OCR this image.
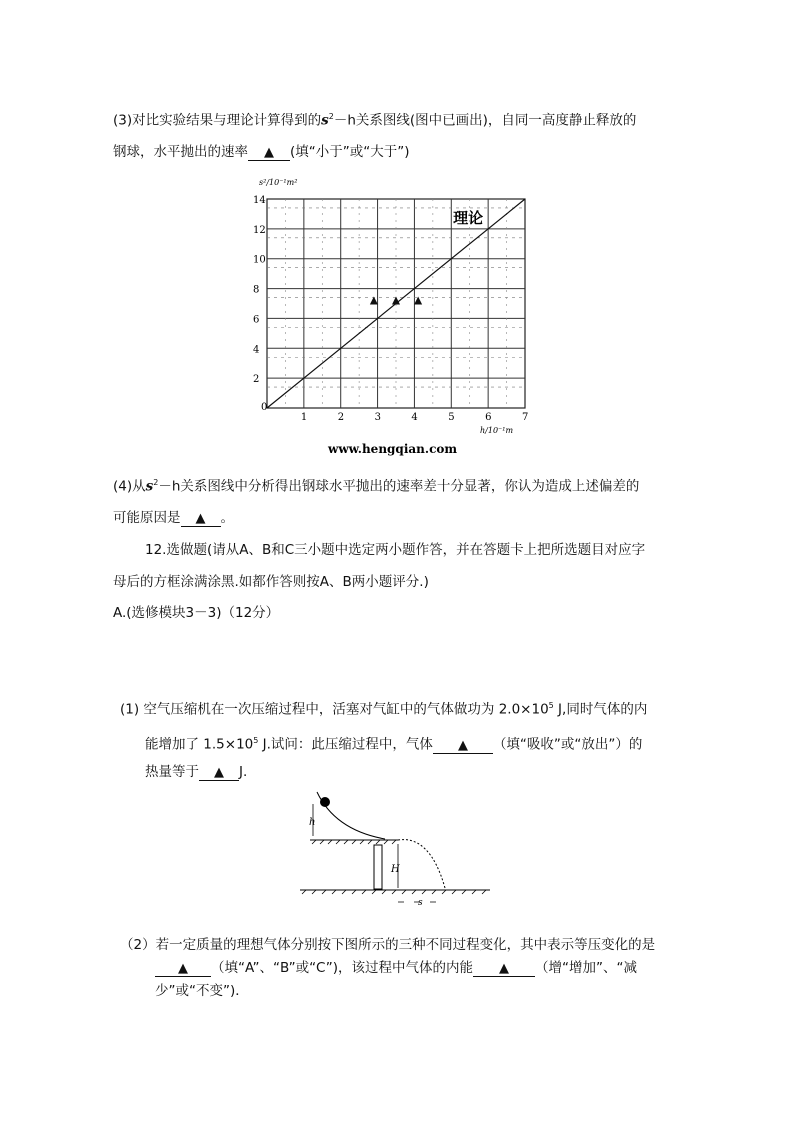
(3)对比实验结果与理论计算得到的$s^2-h$关系图线(图中已画出)，自同一高度静止释放的
钢球，水平抛出的速率 ▲ (填“小于”或“大于”)
0
1	2	3	4	5	6	7
2
4
6
8
10
12
14
s²/10⁻¹m²
h/10⁻¹m
理论
www.hengqian.com
(4)从$s^2-h$关系图线中分析得出钢球水平抛出的速率差十分显著，你认为造成上述偏差的
可能原因是 ▲ 。
12.选做题(请从A、B和C三小题中选定两小题作答，并在答题卡上把所选题目对应字
母后的方框涂满涂黑.如都作答则按A、B两小题评分.)
A.(选修模块3－3)（12分）
(1) 空气压缩机在一次压缩过程中，活塞对气缸中的气体做功为 $2.0\times 10^5$ J,同时气体的内
能增加了 $1.5\times 10^5$ J.试问：此压缩过程中，气体 ▲ （填“吸收”或“放出”）的
热量等于 ▲ J.
h
H
s
（2）若一定质量的理想气体分别按下图所示的三种不同过程变化，其中表示等压变化的是
▲ （填“A”、“B”或“C”)，该过程中气体的内能 ▲ （增“增加”、“减
少”或“不变”)．
